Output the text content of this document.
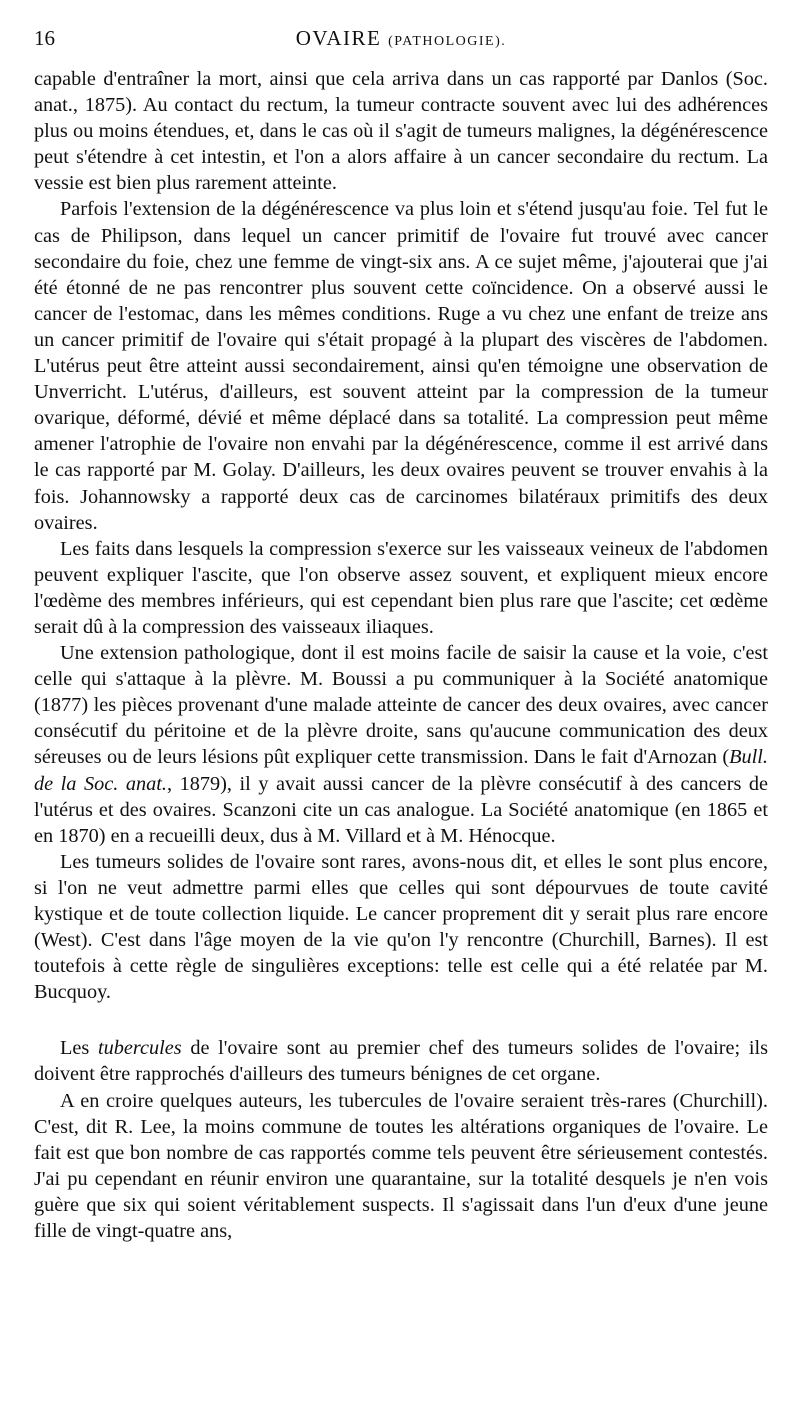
16	OVAIRE (PATHOLOGIE).

capable d'entraîner la mort, ainsi que cela arriva dans un cas rapporté par Danlos (Soc. anat., 1875). Au contact du rectum, la tumeur contracte souvent avec lui des adhérences plus ou moins étendues, et, dans le cas où il s'agit de tumeurs malignes, la dégénérescence peut s'étendre à cet intestin, et l'on a alors affaire à un cancer secondaire du rectum. La vessie est bien plus rarement atteinte.

Parfois l'extension de la dégénérescence va plus loin et s'étend jusqu'au foie. Tel fut le cas de Philipson, dans lequel un cancer primitif de l'ovaire fut trouvé avec cancer secondaire du foie, chez une femme de vingt-six ans. A ce sujet même, j'ajouterai que j'ai été étonné de ne pas rencontrer plus souvent cette coïncidence. On a observé aussi le cancer de l'estomac, dans les mêmes conditions. Ruge a vu chez une enfant de treize ans un cancer primitif de l'ovaire qui s'était propagé à la plupart des viscères de l'abdomen. L'utérus peut être atteint aussi secondairement, ainsi qu'en témoigne une observation de Unverricht. L'utérus, d'ailleurs, est souvent atteint par la compression de la tumeur ovarique, déformé, dévié et même déplacé dans sa totalité. La compression peut même amener l'atrophie de l'ovaire non envahi par la dégénérescence, comme il est arrivé dans le cas rapporté par M. Golay. D'ailleurs, les deux ovaires peuvent se trouver envahis à la fois. Johannowsky a rapporté deux cas de carcinomes bilatéraux primitifs des deux ovaires.

Les faits dans lesquels la compression s'exerce sur les vaisseaux veineux de l'abdomen peuvent expliquer l'ascite, que l'on observe assez souvent, et expliquent mieux encore l'œdème des membres inférieurs, qui est cependant bien plus rare que l'ascite; cet œdème serait dû à la compression des vaisseaux iliaques.

Une extension pathologique, dont il est moins facile de saisir la cause et la voie, c'est celle qui s'attaque à la plèvre. M. Boussi a pu communiquer à la Société anatomique (1877) les pièces provenant d'une malade atteinte de cancer des deux ovaires, avec cancer consécutif du péritoine et de la plèvre droite, sans qu'aucune communication des deux séreuses ou de leurs lésions pût expliquer cette transmission. Dans le fait d'Arnozan (Bull. de la Soc. anat., 1879), il y avait aussi cancer de la plèvre consécutif à des cancers de l'utérus et des ovaires. Scanzoni cite un cas analogue. La Société anatomique (en 1865 et en 1870) en a recueilli deux, dus à M. Villard et à M. Hénocque.

Les tumeurs solides de l'ovaire sont rares, avons-nous dit, et elles le sont plus encore, si l'on ne veut admettre parmi elles que celles qui sont dépourvues de toute cavité kystique et de toute collection liquide. Le cancer proprement dit y serait plus rare encore (West). C'est dans l'âge moyen de la vie qu'on l'y rencontre (Churchill, Barnes). Il est toutefois à cette règle de singulières exceptions: telle est celle qui a été relatée par M. Bucquoy.

Les tubercules de l'ovaire sont au premier chef des tumeurs solides de l'ovaire; ils doivent être rapprochés d'ailleurs des tumeurs bénignes de cet organe.

A en croire quelques auteurs, les tubercules de l'ovaire seraient très-rares (Churchill). C'est, dit R. Lee, la moins commune de toutes les altérations organiques de l'ovaire. Le fait est que bon nombre de cas rapportés comme tels peuvent être sérieusement contestés. J'ai pu cependant en réunir environ une quarantaine, sur la totalité desquels je n'en vois guère que six qui soient véritablement suspects. Il s'agissait dans l'un d'eux d'une jeune fille de vingt-quatre ans,
